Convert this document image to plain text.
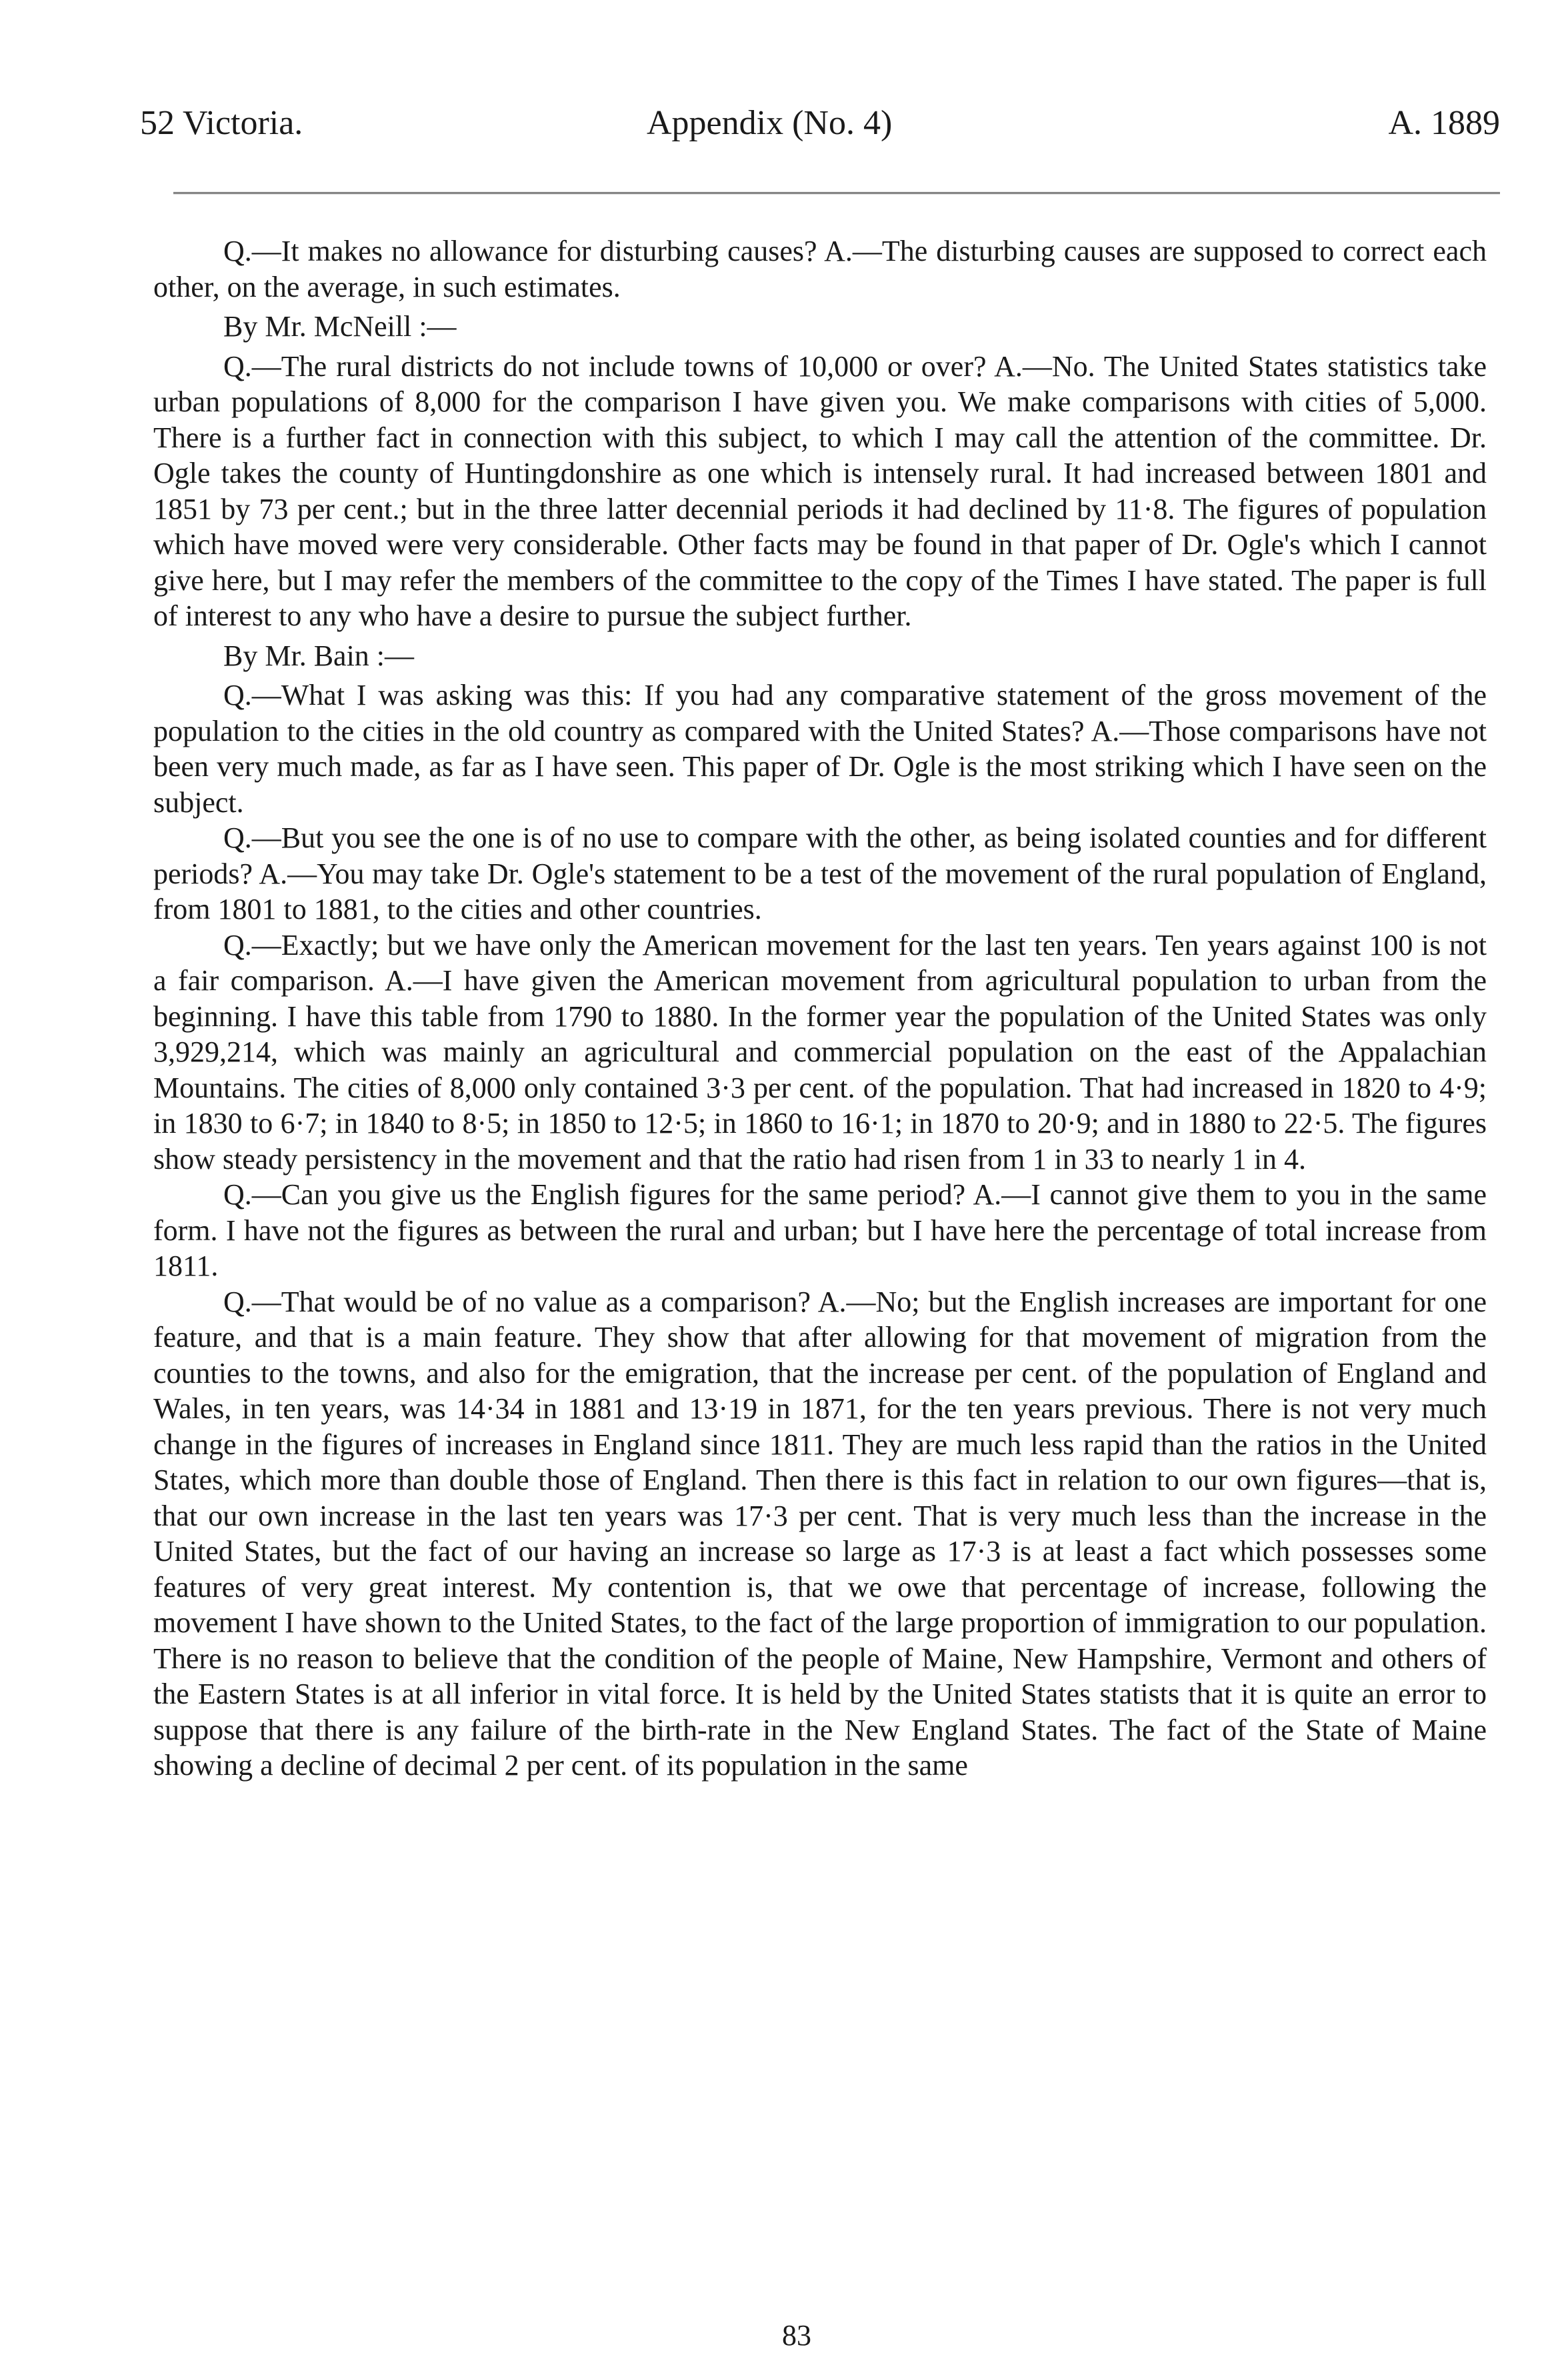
52 Victoria.	Appendix (No. 4)	A. 1889

Q.—It makes no allowance for disturbing causes? A.—The disturbing causes are supposed to correct each other, on the average, in such estimates.

By Mr. McNeill :—

Q.—The rural districts do not include towns of 10,000 or over? A.—No. The United States statistics take urban populations of 8,000 for the comparison I have given you. We make comparisons with cities of 5,000. There is a further fact in connection with this subject, to which I may call the attention of the committee. Dr. Ogle takes the county of Huntingdonshire as one which is intensely rural. It had increased between 1801 and 1851 by 73 per cent.; but in the three latter decennial periods it had declined by 11·8. The figures of population which have moved were very considerable. Other facts may be found in that paper of Dr. Ogle's which I cannot give here, but I may refer the members of the committee to the copy of the Times I have stated. The paper is full of interest to any who have a desire to pursue the subject further.

By Mr. Bain :—

Q.—What I was asking was this: If you had any comparative statement of the gross movement of the population to the cities in the old country as compared with the United States? A.—Those comparisons have not been very much made, as far as I have seen. This paper of Dr. Ogle is the most striking which I have seen on the subject.

Q.—But you see the one is of no use to compare with the other, as being isolated counties and for different periods? A.—You may take Dr. Ogle's statement to be a test of the movement of the rural population of England, from 1801 to 1881, to the cities and other countries.

Q.—Exactly; but we have only the American movement for the last ten years. Ten years against 100 is not a fair comparison. A.—I have given the American movement from agricultural population to urban from the beginning. I have this table from 1790 to 1880. In the former year the population of the United States was only 3,929,214, which was mainly an agricultural and commercial population on the east of the Appalachian Mountains. The cities of 8,000 only contained 3·3 per cent. of the population. That had increased in 1820 to 4·9; in 1830 to 6·7; in 1840 to 8·5; in 1850 to 12·5; in 1860 to 16·1; in 1870 to 20·9; and in 1880 to 22·5. The figures show steady persistency in the movement and that the ratio had risen from 1 in 33 to nearly 1 in 4.

Q.—Can you give us the English figures for the same period? A.—I cannot give them to you in the same form. I have not the figures as between the rural and urban; but I have here the percentage of total increase from 1811.

Q.—That would be of no value as a comparison? A.—No; but the English increases are important for one feature, and that is a main feature. They show that after allowing for that movement of migration from the counties to the towns, and also for the emigration, that the increase per cent. of the population of England and Wales, in ten years, was 14·34 in 1881 and 13·19 in 1871, for the ten years previous. There is not very much change in the figures of increases in England since 1811. They are much less rapid than the ratios in the United States, which more than double those of England. Then there is this fact in relation to our own figures—that is, that our own increase in the last ten years was 17·3 per cent. That is very much less than the increase in the United States, but the fact of our having an increase so large as 17·3 is at least a fact which possesses some features of very great interest. My contention is, that we owe that percentage of increase, following the movement I have shown to the United States, to the fact of the large proportion of immigration to our population. There is no reason to believe that the condition of the people of Maine, New Hampshire, Vermont and others of the Eastern States is at all inferior in vital force. It is held by the United States statists that it is quite an error to suppose that there is any failure of the birth-rate in the New England States. The fact of the State of Maine showing a decline of decimal 2 per cent. of its population in the same

83
